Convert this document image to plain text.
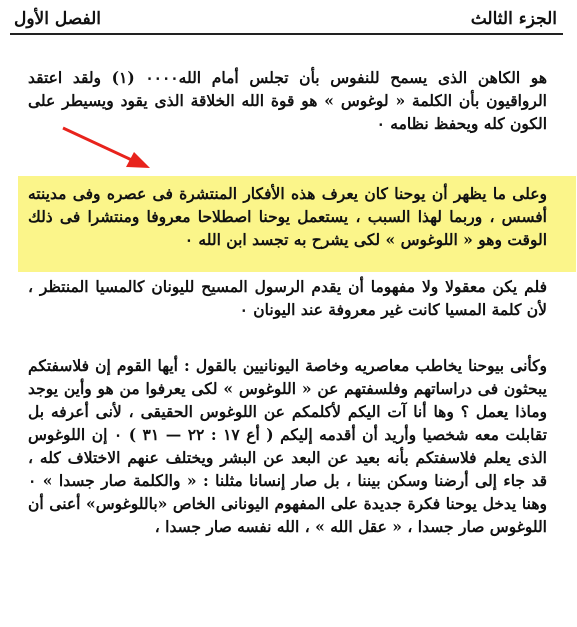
الجزء الثالث
الفصل الأول
هو الكاهن الذى يسمح للنفوس بأن تجلس أمام الله٠٠٠٠ (١) ولقد اعتقد الرواقيون بأن الكلمة « لوغوس » هو قوة الله الخلاقة الذى يقود ويسيطر على الكون كله ويحفظ نظامه ٠
وعلى ما يظهر أن يوحنا كان يعرف هذه الأفكار المنتشرة فى عصره وفى مدينته أفسس ، وربما لهذا السبب ، يستعمل يوحنا اصطلاحا معروفا ومنتشرا فى ذلك الوقت وهو « اللوغوس » لكى يشرح به تجسد ابن الله ٠
فلم يكن معقولا ولا مفهوما أن يقدم الرسول المسيح لليونان كالمسيا المنتظر ، لأن كلمة المسيا كانت غير معروفة عند اليونان ٠
وكأنى بيوحنا يخاطب معاصريه وخاصة اليونانيين بالقول : أيها القوم إن فلاسفتكم يبحثون فى دراساتهم وفلسفتهم عن « اللوغوس » لكى يعرفوا من هو وأين يوجد وماذا يعمل ؟ وها أنا آت اليكم لأكلمكم عن اللوغوس الحقيقى ، لأنى أعرفه بل تقابلت معه شخصيا وأريد أن أقدمه إليكم ( أع ١٧ : ٢٢ — ٣١ ) ٠ إن اللوغوس الذى يعلم فلاسفتكم بأنه بعيد عن البعد عن البشر ويختلف عنهم الاختلاف كله ، قد جاء إلى أرضنا وسكن بيننا ، بل صار إنسانا مثلنا : « والكلمة صار جسدا » ٠ وهنا يدخل يوحنا فكرة جديدة على المفهوم اليونانى الخاص «باللوغوس» أعنى أن اللوغوس صار جسدا ، « عقل الله » ، الله نفسه صار جسدا ،
